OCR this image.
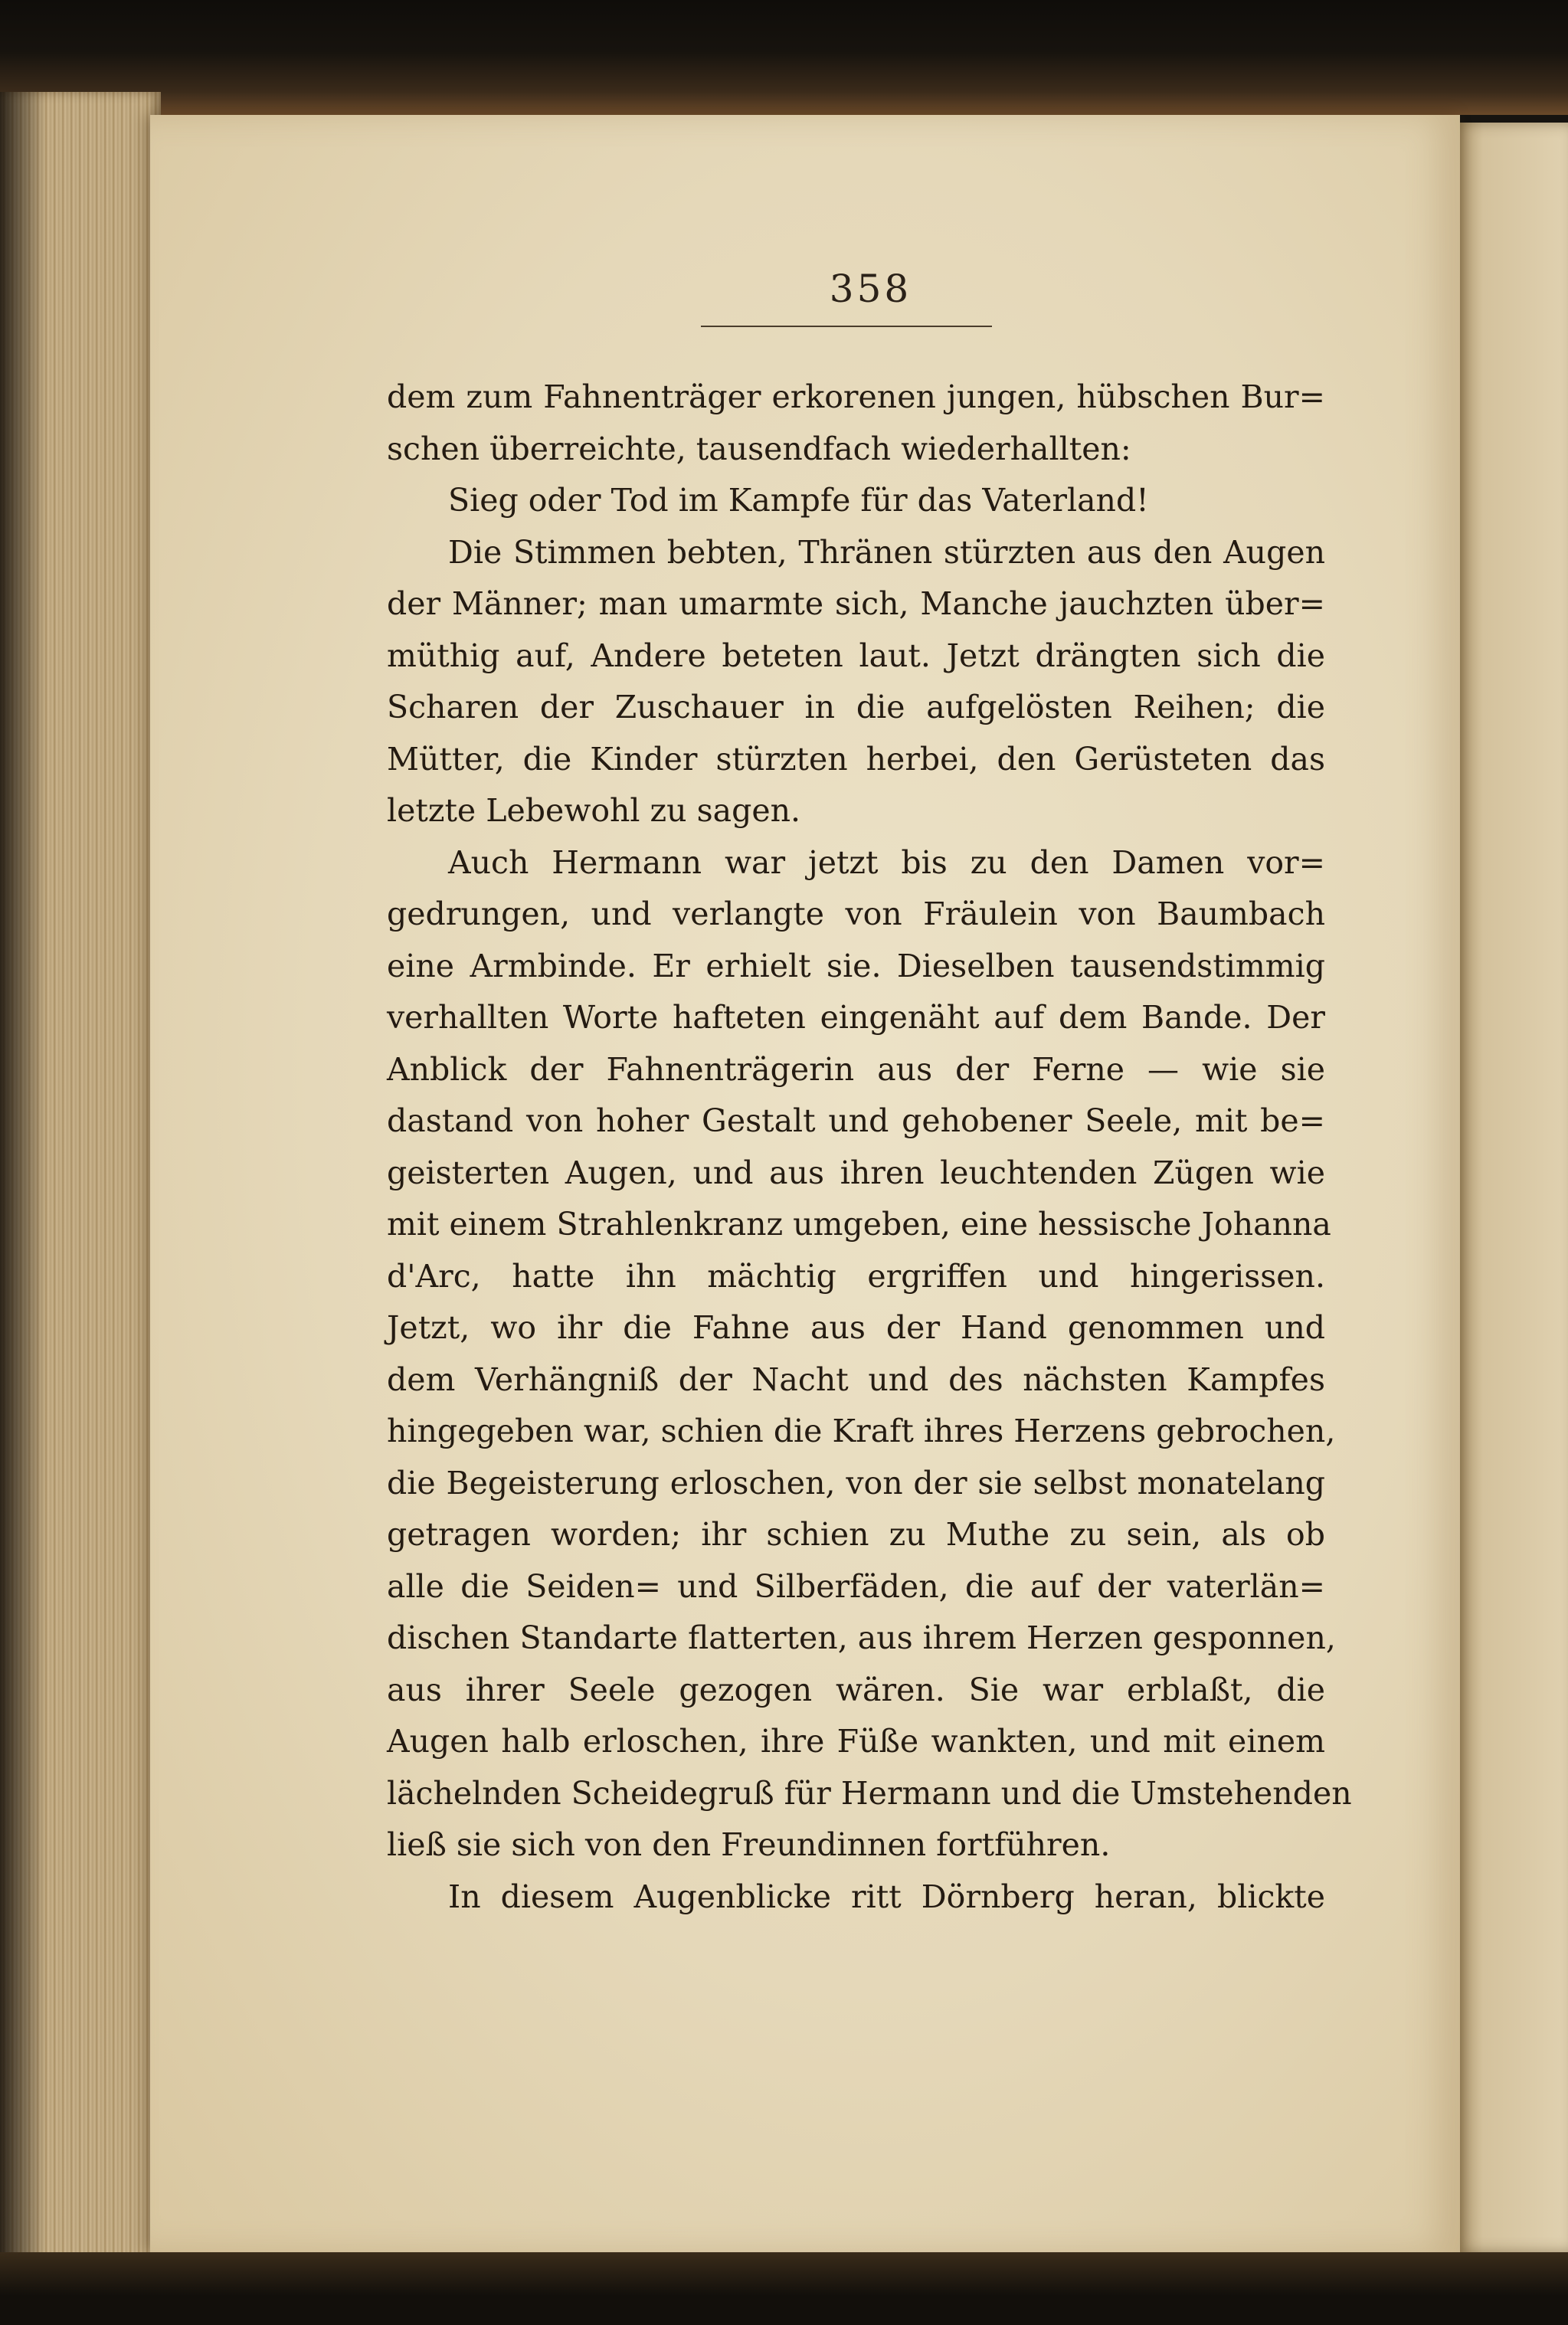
358
dem zum Fahnenträger erkorenen jungen, hübschen Bur=
schen überreichte, tausendfach wiederhallten:
Sieg oder Tod im Kampfe für das Vaterland!
Die Stimmen bebten, Thränen stürzten aus den Augen
der Männer; man umarmte sich, Manche jauchzten über=
müthig auf, Andere beteten laut. Jetzt drängten sich die
Scharen der Zuschauer in die aufgelösten Reihen; die
Mütter, die Kinder stürzten herbei, den Gerüsteten das
letzte Lebewohl zu sagen.
Auch Hermann war jetzt bis zu den Damen vor=
gedrungen, und verlangte von Fräulein von Baumbach
eine Armbinde. Er erhielt sie. Dieselben tausendstimmig
verhallten Worte hafteten eingenäht auf dem Bande. Der
Anblick der Fahnenträgerin aus der Ferne — wie sie
dastand von hoher Gestalt und gehobener Seele, mit be=
geisterten Augen, und aus ihren leuchtenden Zügen wie
mit einem Strahlenkranz umgeben, eine hessische Johanna
d'Arc, hatte ihn mächtig ergriffen und hingerissen.
Jetzt, wo ihr die Fahne aus der Hand genommen und
dem Verhängniß der Nacht und des nächsten Kampfes
hingegeben war, schien die Kraft ihres Herzens gebrochen,
die Begeisterung erloschen, von der sie selbst monatelang
getragen worden; ihr schien zu Muthe zu sein, als ob
alle die Seiden= und Silberfäden, die auf der vaterlän=
dischen Standarte flatterten, aus ihrem Herzen gesponnen,
aus ihrer Seele gezogen wären. Sie war erblaßt, die
Augen halb erloschen, ihre Füße wankten, und mit einem
lächelnden Scheidegruß für Hermann und die Umstehenden
ließ sie sich von den Freundinnen fortführen.
In diesem Augenblicke ritt Dörnberg heran, blickte
